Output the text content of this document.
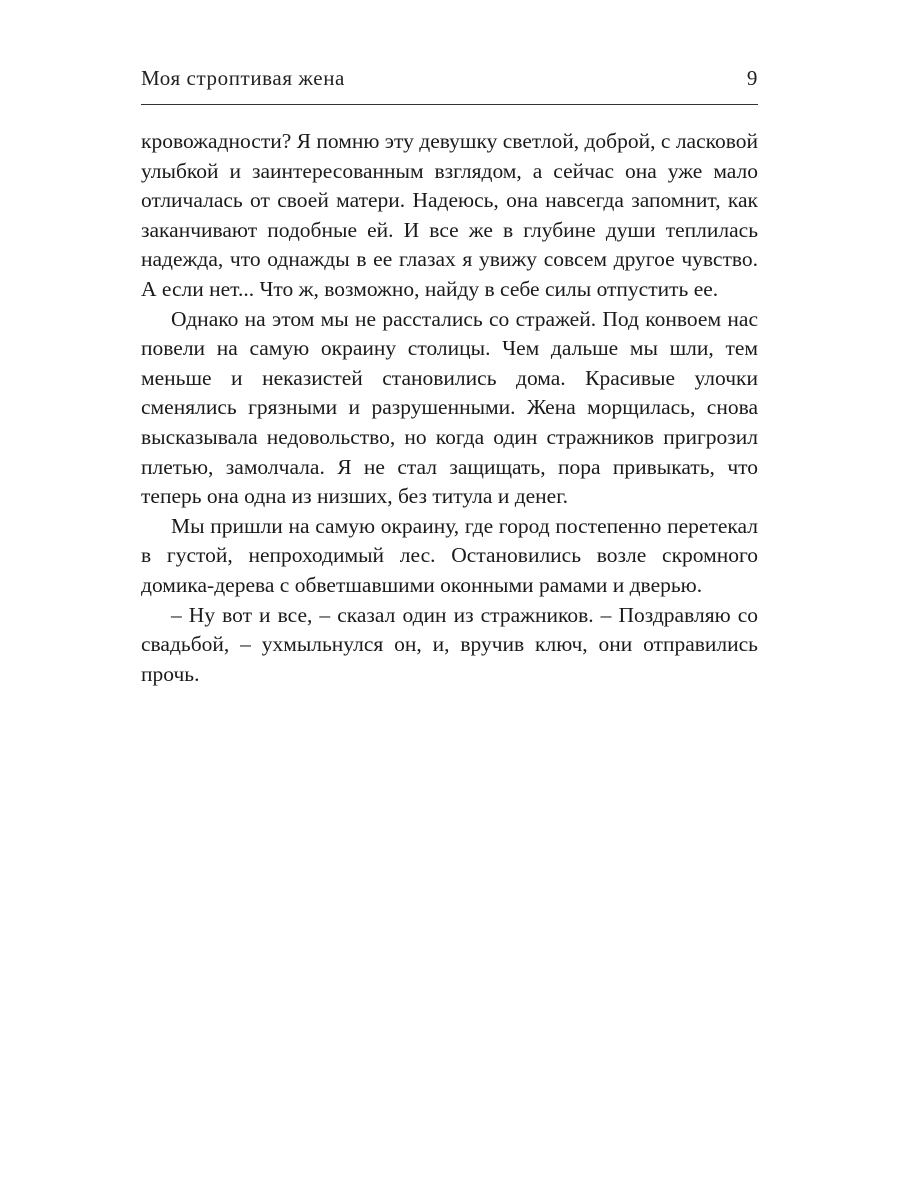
Моя строптивая жена	9

кровожадности? Я помню эту девушку светлой, доброй, с ласковой улыбкой и заинтересованным взглядом, а сейчас она уже мало отличалась от своей матери. Надеюсь, она навсегда запомнит, как заканчивают подобные ей. И все же в глубине души теплилась надежда, что однажды в ее глазах я увижу совсем другое чувство. А если нет... Что ж, возможно, найду в себе силы отпустить ее.

Однако на этом мы не расстались со стражей. Под конвоем нас повели на самую окраину столицы. Чем дальше мы шли, тем меньше и неказистей становились дома. Красивые улочки сменялись грязными и разрушенными. Жена морщилась, снова высказывала недовольство, но когда один стражников пригрозил плетью, замолчала. Я не стал защищать, пора привыкать, что теперь она одна из низших, без титула и денег.

Мы пришли на самую окраину, где город постепенно перетекал в густой, непроходимый лес. Остановились возле скромного домика-дерева с обветшавшими оконными рамами и дверью.

– Ну вот и все, – сказал один из стражников. – Поздравляю со свадьбой, – ухмыльнулся он, и, вручив ключ, они отправились прочь.
